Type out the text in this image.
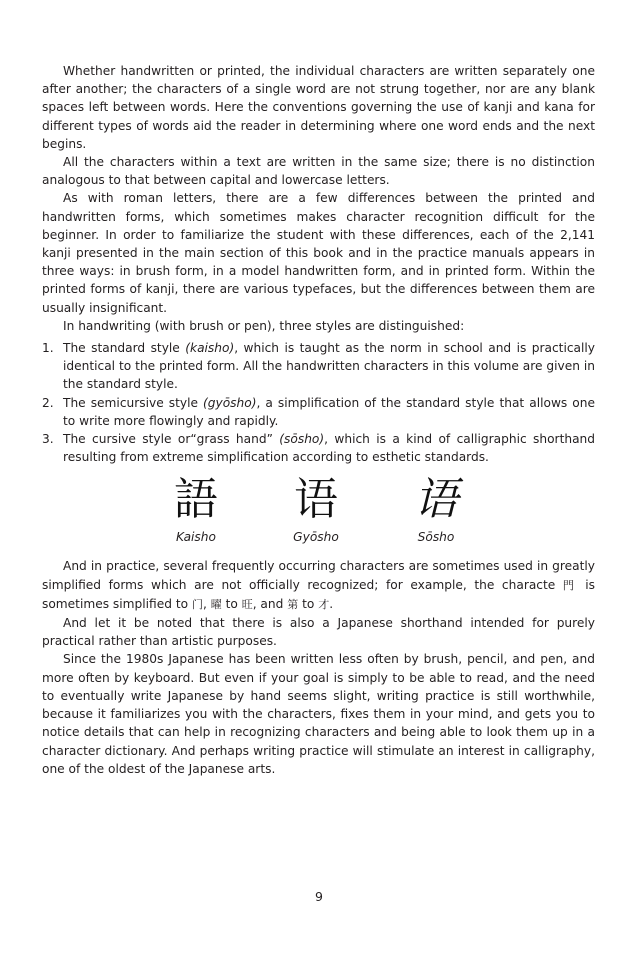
Whether handwritten or printed, the individual characters are written separately one after another; the characters of a single word are not strung together, nor are any blank spaces left between words. Here the conventions governing the use of kanji and kana for different types of words aid the reader in determining where one word ends and the next begins.

All the characters within a text are written in the same size; there is no distinction analogous to that between capital and lowercase letters.

As with roman letters, there are a few differences between the printed and handwritten forms, which sometimes makes character recognition difficult for the beginner. In order to familiarize the student with these differences, each of the 2,141 kanji presented in the main section of this book and in the practice manuals appears in three ways: in brush form, in a model handwritten form, and in printed form. Within the printed forms of kanji, there are various typefaces, but the differences between them are usually insignificant.

In handwriting (with brush or pen), three styles are distinguished:

1. The standard style (kaisho), which is taught as the norm in school and is practically identical to the printed form. All the handwritten characters in this volume are given in the standard style.
2. The semicursive style (gyōsho), a simplification of the standard style that allows one to write more flowingly and rapidly.
3. The cursive style or“grass hand” (sōsho), which is a kind of calligraphic shorthand resulting from extreme simplification according to esthetic standards.
語
Kaisho
语
Gyōsho
语
Sōsho

And in practice, several frequently occurring characters are sometimes used in greatly simplified forms which are not officially recognized; for example, the characte 門 is sometimes simplified to 门, 曜 to 旺, and 第 to 才.

And let it be noted that there is also a Japanese shorthand intended for purely practical rather than artistic purposes.

Since the 1980s Japanese has been written less often by brush, pencil, and pen, and more often by keyboard. But even if your goal is simply to be able to read, and the need to eventually write Japanese by hand seems slight, writing practice is still worthwhile, because it familiarizes you with the characters, fixes them in your mind, and gets you to notice details that can help in recognizing characters and being able to look them up in a character dictionary. And perhaps writing practice will stimulate an interest in calligraphy, one of the oldest of the Japanese arts.

9
